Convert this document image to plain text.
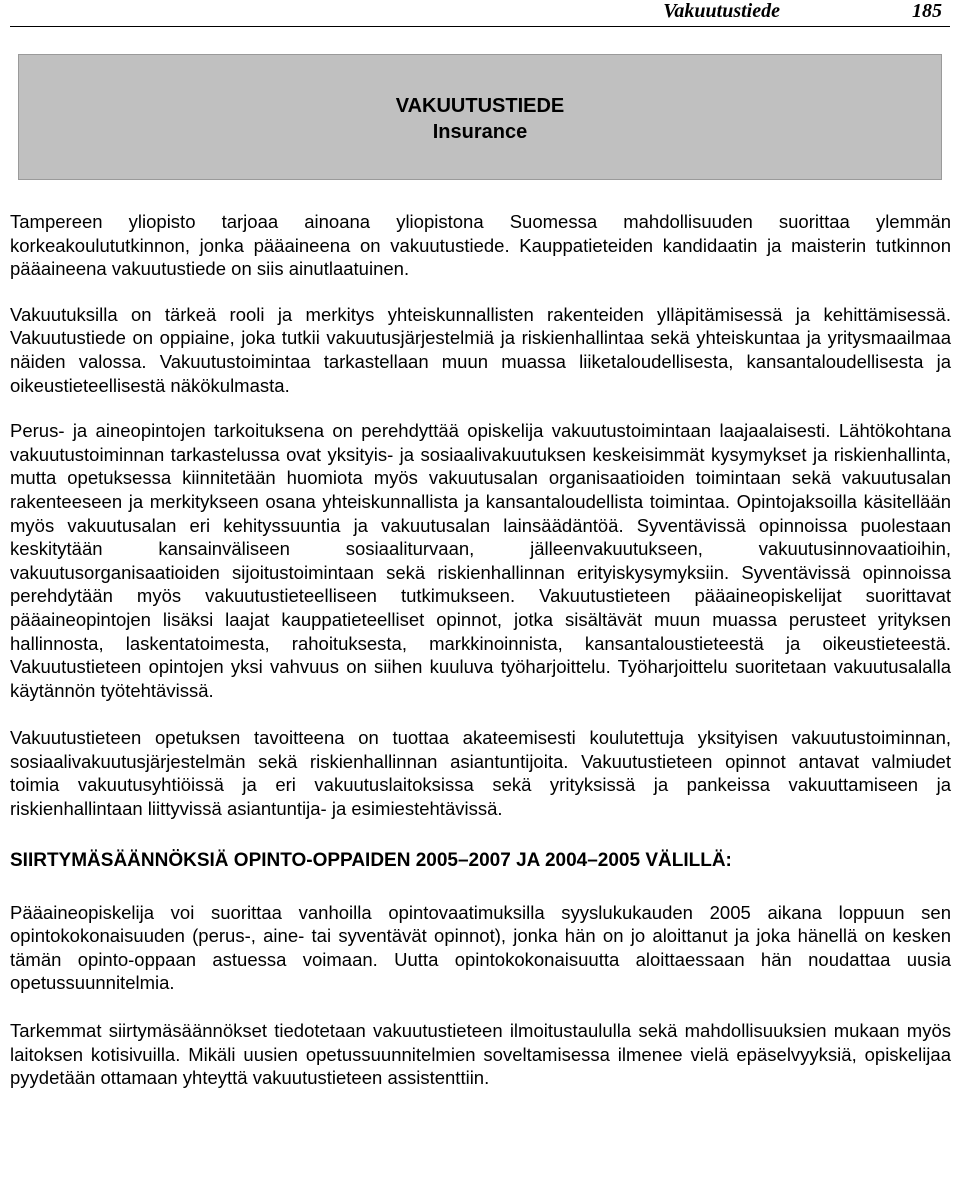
Vakuutustiede	185
VAKUUTUSTIEDE
Insurance

Tampereen yliopisto tarjoaa ainoana yliopistona Suomessa mahdollisuuden suorittaa ylemmän korkeakoulututkinnon, jonka pääaineena on vakuutustiede. Kauppatieteiden kandidaatin ja maisterin tutkinnon pääaineena vakuutustiede on siis ainutlaatuinen.

Vakuutuksilla on tärkeä rooli ja merkitys yhteiskunnallisten rakenteiden ylläpitämisessä ja kehittämisessä. Vakuutustiede on oppiaine, joka tutkii vakuutusjärjestelmiä ja riskienhallintaa sekä yhteiskuntaa ja yritysmaailmaa näiden valossa. Vakuutustoimintaa tarkastellaan muun muassa liiketaloudellisesta, kansantaloudellisesta ja oikeustieteellisestä näkökulmasta.

Perus- ja aineopintojen tarkoituksena on perehdyttää opiskelija vakuutustoimintaan laajaalaisesti. Lähtökohtana vakuutustoiminnan tarkastelussa ovat yksityis- ja sosiaalivakuutuksen keskeisimmät kysymykset ja riskienhallinta, mutta opetuksessa kiinnitetään huomiota myös vakuutusalan organisaatioiden toimintaan sekä vakuutusalan rakenteeseen ja merkitykseen osana yhteiskunnallista ja kansantaloudellista toimintaa. Opintojaksoilla käsitellään myös vakuutusalan eri kehityssuuntia ja vakuutusalan lainsäädäntöä. Syventävissä opinnoissa puolestaan keskitytään kansainväliseen sosiaaliturvaan, jälleenvakuutukseen, vakuutusinnovaatioihin, vakuutusorganisaatioiden sijoitustoimintaan sekä riskienhallinnan erityiskysymyksiin. Syventävissä opinnoissa perehdytään myös vakuutustieteelliseen tutkimukseen. Vakuutustieteen pääaineopiskelijat suorittavat pääaineopintojen lisäksi laajat kauppatieteelliset opinnot, jotka sisältävät muun muassa perusteet yrityksen hallinnosta, laskentatoimesta, rahoituksesta, markkinoinnista, kansantaloustieteestä ja oikeustieteestä. Vakuutustieteen opintojen yksi vahvuus on siihen kuuluva työharjoittelu. Työharjoittelu suoritetaan vakuutusalalla käytännön työtehtävissä.

Vakuutustieteen opetuksen tavoitteena on tuottaa akateemisesti koulutettuja yksityisen vakuutustoiminnan, sosiaalivakuutusjärjestelmän sekä riskienhallinnan asiantuntijoita. Vakuutustieteen opinnot antavat valmiudet toimia vakuutusyhtiöissä ja eri vakuutuslaitoksissa sekä yrityksissä ja pankeissa vakuuttamiseen ja riskienhallintaan liittyvissä asiantuntija- ja esimiestehtävissä.

SIIRTYMÄSÄÄNNÖKSIÄ OPINTO-OPPAIDEN 2005–2007 JA 2004–2005 VÄLILLÄ:

Pääaineopiskelija voi suorittaa vanhoilla opintovaatimuksilla syyslukukauden 2005 aikana loppuun sen opintokokonaisuuden (perus-, aine- tai syventävät opinnot), jonka hän on jo aloittanut ja joka hänellä on kesken tämän opinto-oppaan astuessa voimaan. Uutta opintokokonaisuutta aloittaessaan hän noudattaa uusia opetussuunnitelmia.

Tarkemmat siirtymäsäännökset tiedotetaan vakuutustieteen ilmoitustaululla sekä mahdollisuuksien mukaan myös laitoksen kotisivuilla. Mikäli uusien opetussuunnitelmien soveltamisessa ilmenee vielä epäselvyyksiä, opiskelijaa pyydetään ottamaan yhteyttä vakuutustieteen assistenttiin.
